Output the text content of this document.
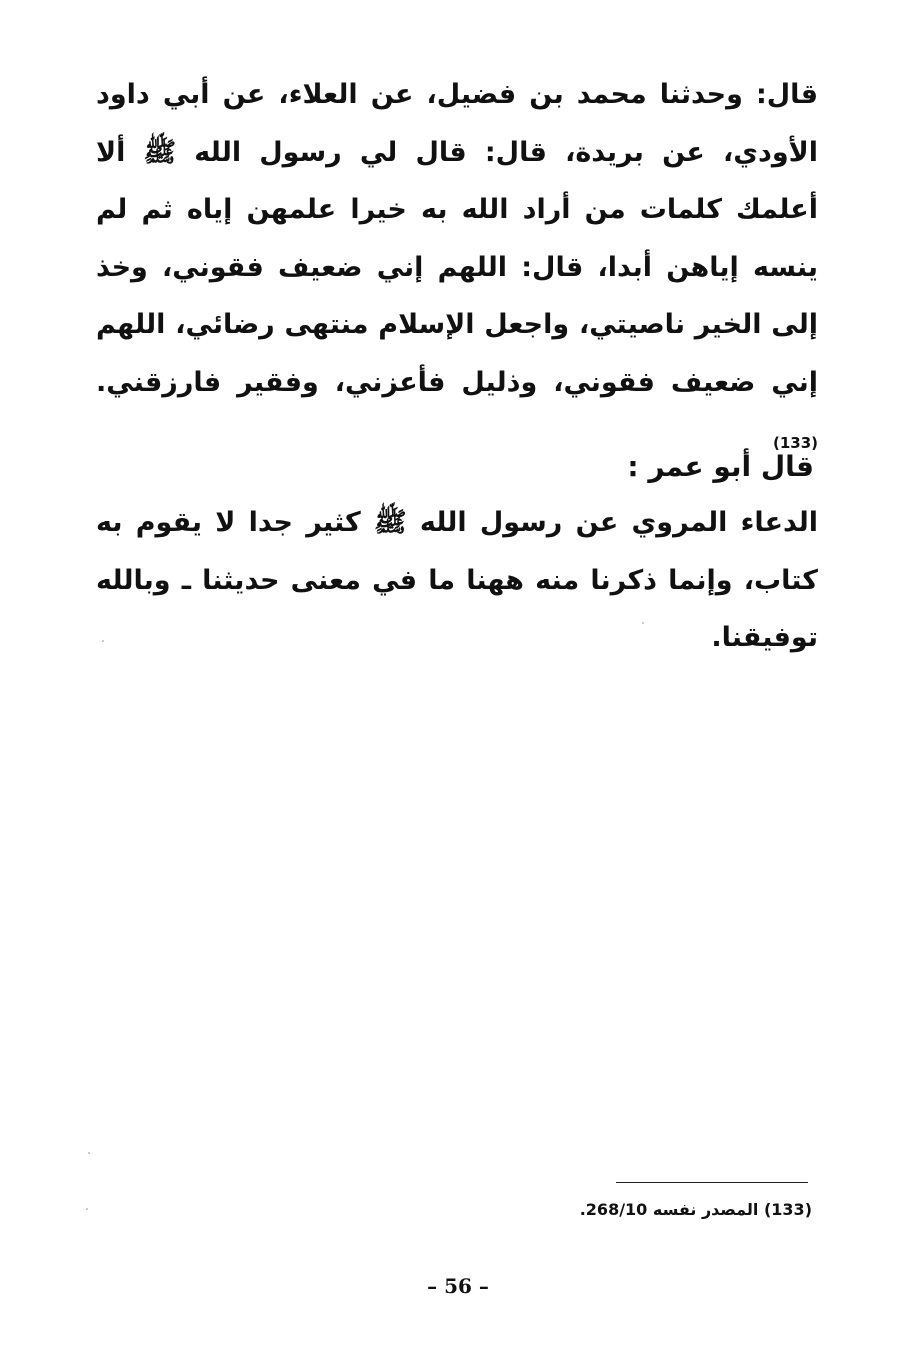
قال: وحدثنا محمد بن فضيل، عن العلاء، عن أبي داود الأودي، عن بريدة، قال: قال لي رسول الله ﷺ ألا أعلمك كلمات من أراد الله به خيرا علمهن إياه ثم لم ينسه إياهن أبدا، قال: اللهم إني ضعيف فقوني، وخذ إلى الخير ناصيتي، واجعل الإسلام منتهى رضائي، اللهم إني ضعيف فقوني، وذليل فأعزني، وفقير فارزقني.(133)

قال أبو عمر :

الدعاء المروي عن رسول الله ﷺ كثير جدا لا يقوم به كتاب، وإنما ذكرنا منه ههنا ما في معنى حديثنا ـ وبالله توفيقنا.

(133) المصدر نفسه 268/10.
– 56 –
